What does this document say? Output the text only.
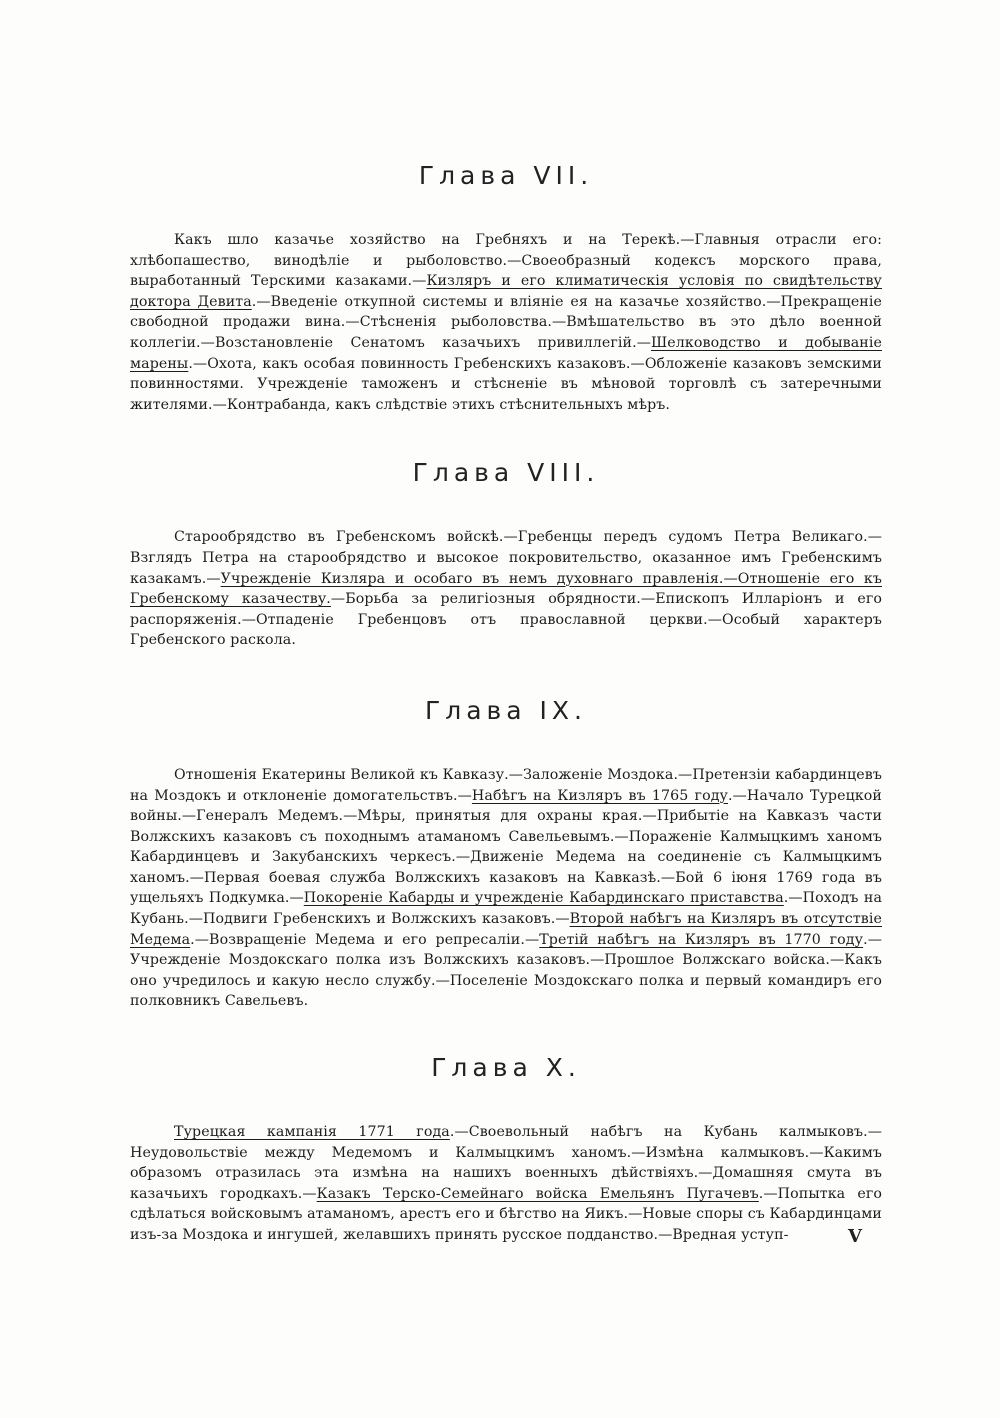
Глава VII.

Какъ шло казачье хозяйство на Гребняхъ и на Терекѣ.—Главныя отрасли его: хлѣбопашество, винодѣлiе и рыболовство.—Своеобразный кодексъ морского права, выработанный Терскими казаками.—Кизляръ и его климатическiя условiя по свидѣтельству доктора Девита.—Введенiе откупной системы и влiянiе ея на казачье хозяйство.—Прекращенiе свободной продажи вина.—Стѣсненiя рыболовства.—Вмѣшательство въ это дѣло военной коллегiи.—Возстановленiе Сенатомъ казачьихъ привиллегiй.—Шелководство и добыванiе марены.—Охота, какъ особая повинность Гребенскихъ казаковъ.—Обложенiе казаковъ земскими повинностями. Учрежденiе таможенъ и стѣсненiе въ мѣновой торговлѣ съ затеречными жителями.—Контрабанда, какъ слѣдствiе этихъ стѣснительныхъ мѣръ.

Глава VIII.

Старообрядство въ Гребенскомъ войскѣ.—Гребенцы передъ судомъ Петра Великаго.—Взглядъ Петра на старообрядство и высокое покровительство, оказанное имъ Гребенскимъ казакамъ.—Учрежденiе Кизляра и особаго въ немъ духовнаго правленiя.—Отношенiе его къ Гребенскому казачеству.—Борьба за религiозныя обрядности.—Епископъ Илларiонъ и его распоряженiя.—Отпаденiе Гребенцовъ отъ православной церкви.—Особый характеръ Гребенского раскола.

Глава IX.

Отношенiя Екатерины Великой къ Кавказу.—Заложенiе Моздока.—Претензiи кабардинцевъ на Моздокъ и отклоненiе домогательствъ.—Набѣгъ на Кизляръ въ 1765 году.—Начало Турецкой войны.—Генералъ Медемъ.—Мѣры, принятыя для охраны края.—Прибытiе на Кавказъ части Волжскихъ казаковъ съ походнымъ атаманомъ Савельевымъ.—Пораженiе Калмыцкимъ ханомъ Кабардинцевъ и Закубанскихъ черкесъ.—Движенiе Медема на соединенiе съ Калмыцкимъ ханомъ.—Первая боевая служба Волжскихъ казаковъ на Кавказѣ.—Бой 6 iюня 1769 года въ ущельяхъ Подкумка.—Покоренiе Кабарды и учрежденiе Кабардинскаго приставства.—Походъ на Кубань.—Подвиги Гребенскихъ и Волжскихъ казаковъ.—Второй набѣгъ на Кизляръ въ отсутствiе Медема.—Возвращенiе Медема и его репресалiи.—Третiй набѣгъ на Кизляръ въ 1770 году.—Учрежденiе Моздокскаго полка изъ Волжскихъ казаковъ.—Прошлое Волжскаго войска.—Какъ оно учредилось и какую несло службу.—Поселенiе Моздокскаго полка и первый командиръ его полковникъ Савельевъ.

Глава X.

Турецкая кампанiя 1771 года.—Своевольный набѣгъ на Кубань калмыковъ.—Неудовольствiе между Медемомъ и Калмыцкимъ ханомъ.—Измѣна калмыковъ.—Какимъ образомъ отразилась эта измѣна на нашихъ военныхъ дѣйствiяхъ.—Домашняя смута въ казачьихъ городкахъ.—Казакъ Терско-Семейнаго войска Емельянъ Пугачевъ.—Попытка его сдѣлаться войсковымъ атаманомъ, арестъ его и бѣгство на Яикъ.—Новые споры съ Кабардинцами изъ-за Моздока и ингушей, желавшихъ принять русское подданство.—Вредная уступ-	V
